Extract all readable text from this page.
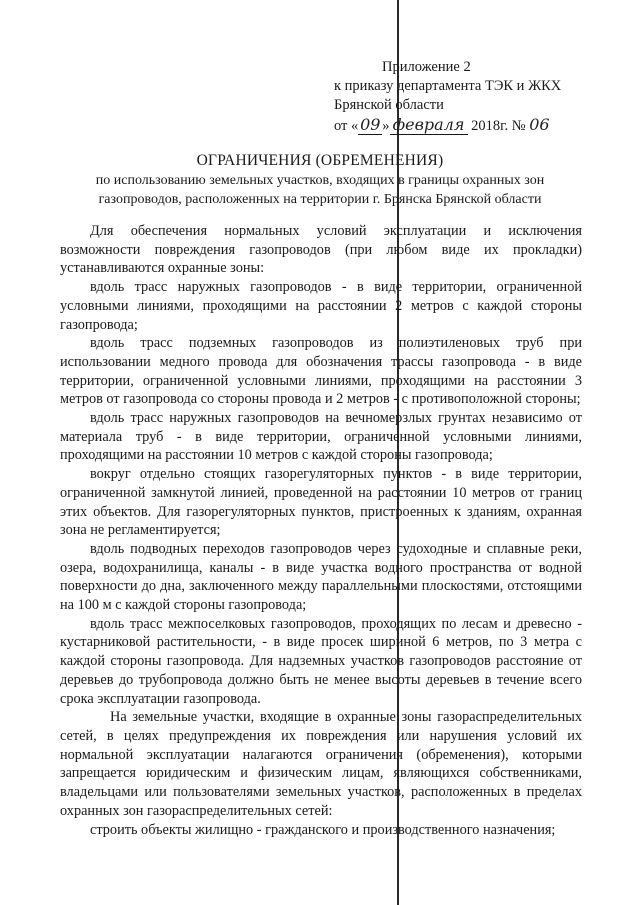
Приложение 2
к приказу департамента ТЭК и ЖКХ
Брянской области
от « 09 » февраля 2018г. № 06
ОГРАНИЧЕНИЯ (ОБРЕМЕНЕНИЯ)
по использованию земельных участков, входящих в границы охранных зон газопроводов, расположенных на территории г. Брянска Брянской области

Для обеспечения нормальных условий эксплуатации и исключения возможности повреждения газопроводов (при любом виде их прокладки) устанавливаются охранные зоны:

вдоль трасс наружных газопроводов - в виде территории, ограниченной условными линиями, проходящими на расстоянии 2 метров с каждой стороны газопровода;

вдоль трасс подземных газопроводов из полиэтиленовых труб при использовании медного провода для обозначения трассы газопровода - в виде территории, ограниченной условными линиями, проходящими на расстоянии 3 метров от газопровода со стороны провода и 2 метров - с противоположной стороны;

вдоль трасс наружных газопроводов на вечномерзлых грунтах независимо от материала труб - в виде территории, ограниченной условными линиями, проходящими на расстоянии 10 метров с каждой стороны газопровода;

вокруг отдельно стоящих газорегуляторных пунктов - в виде территории, ограниченной замкнутой линией, проведенной на расстоянии 10 метров от границ этих объектов. Для газорегуляторных пунктов, пристроенных к зданиям, охранная зона не регламентируется;

вдоль подводных переходов газопроводов через судоходные и сплавные реки, озера, водохранилища, каналы - в виде участка водного пространства от водной поверхности до дна, заключенного между параллельными плоскостями, отстоящими на 100 м с каждой стороны газопровода;

вдоль трасс межпоселковых газопроводов, проходящих по лесам и древесно - кустарниковой растительности, - в виде просек шириной 6 метров, по 3 метра с каждой стороны газопровода. Для надземных участков газопроводов расстояние от деревьев до трубопровода должно быть не менее высоты деревьев в течение всего срока эксплуатации газопровода.

На земельные участки, входящие в охранные зоны газораспределительных сетей, в целях предупреждения их повреждения или нарушения условий их нормальной эксплуатации налагаются ограничения (обременения), которыми запрещается юридическим и физическим лицам, являющихся собственниками, владельцами или пользователями земельных участков, расположенных в пределах охранных зон газораспределительных сетей:

строить объекты жилищно - гражданского и производственного назначения;
